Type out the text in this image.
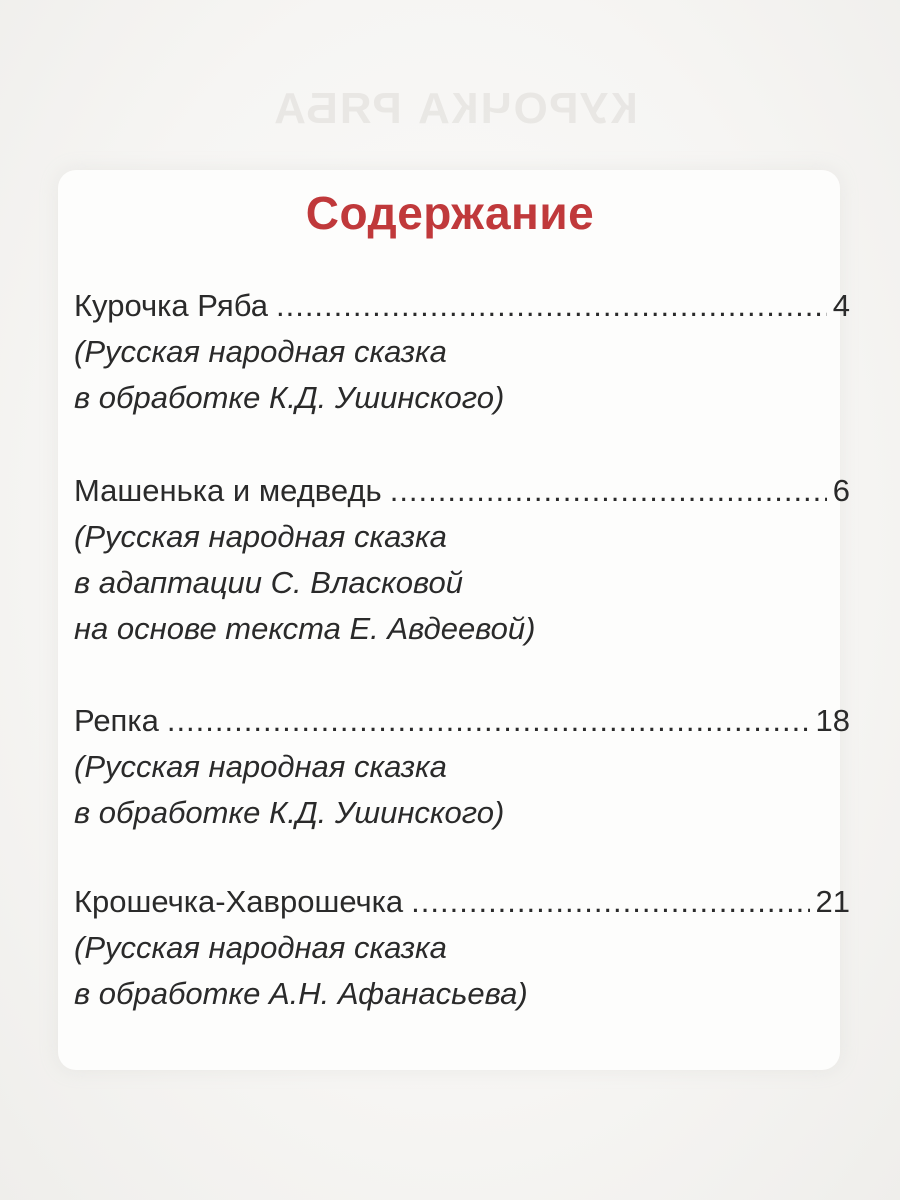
КУРОЧКА РЯБА
Содержание
Курочка Ряба .....	4
(Русская народная сказка
в обработке К.Д. Ушинского)
Машенька и медведь .....	6
(Русская народная сказка
в адаптации С. Власковой
на основе текста Е. Авдеевой)
Репка .....	18
(Русская народная сказка
в обработке К.Д. Ушинского)
Крошечка-Хаврошечка .....	21
(Русская народная сказка
в обработке А.Н. Афанасьева)
